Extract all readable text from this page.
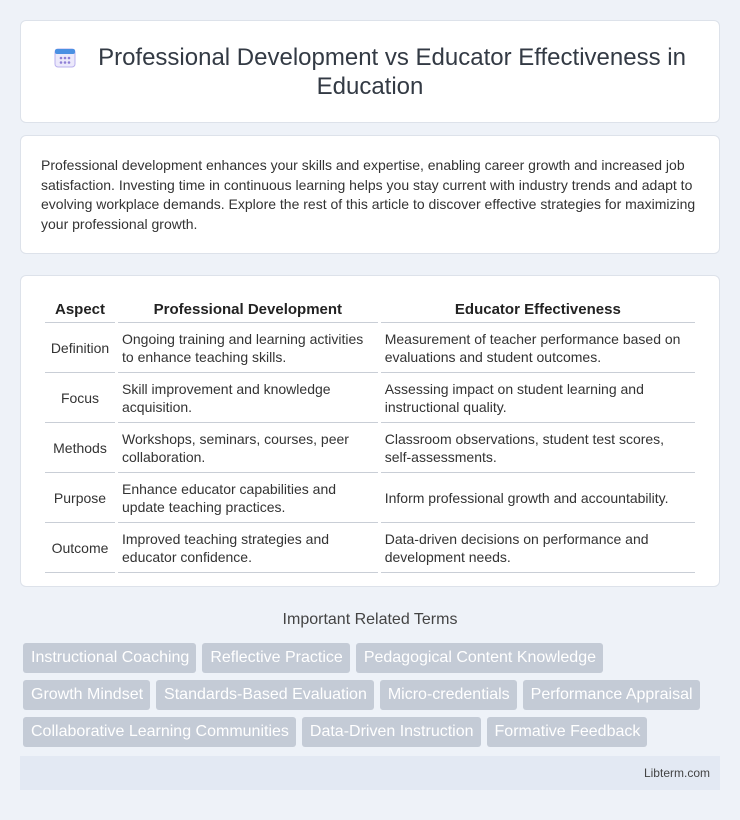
Professional Development vs Educator Effectiveness in Education

Professional development enhances your skills and expertise, enabling career growth and increased job satisfaction. Investing time in continuous learning helps you stay current with industry trends and adapt to evolving workplace demands. Explore the rest of this article to discover effective strategies for maximizing your professional growth.

Aspect	Professional Development	Educator Effectiveness
Definition	Ongoing training and learning activities to enhance teaching skills.	Measurement of teacher performance based on evaluations and student outcomes.
Focus	Skill improvement and knowledge acquisition.	Assessing impact on student learning and instructional quality.
Methods	Workshops, seminars, courses, peer collaboration.	Classroom observations, student test scores, self-assessments.
Purpose	Enhance educator capabilities and update teaching practices.	Inform professional growth and accountability.
Outcome	Improved teaching strategies and educator confidence.	Data-driven decisions on performance and development needs.
Important Related Terms
Instructional Coaching	Reflective Practice	Pedagogical Content Knowledge
Growth Mindset	Standards-Based Evaluation	Micro-credentials	Performance Appraisal
Collaborative Learning Communities	Data-Driven Instruction	Formative Feedback
Libterm.com
